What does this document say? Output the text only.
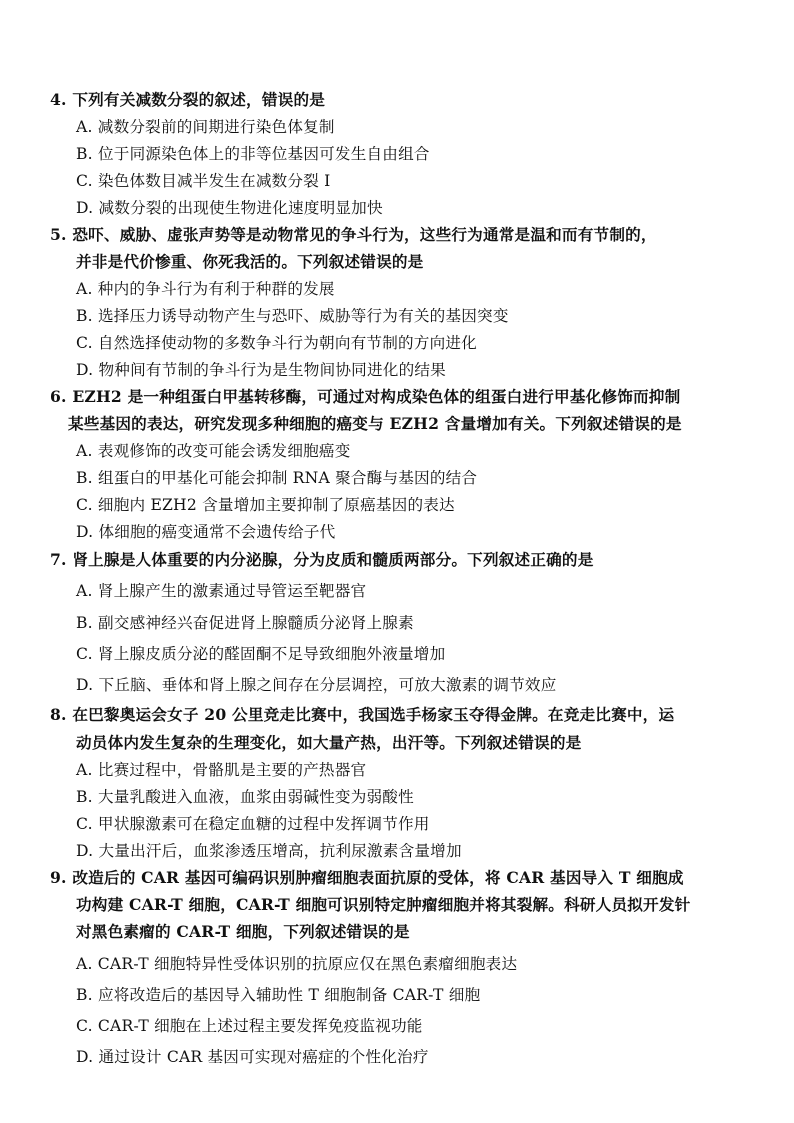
4. 下列有关减数分裂的叙述，错误的是
A. 减数分裂前的间期进行染色体复制
B. 位于同源染色体上的非等位基因可发生自由组合
C. 染色体数目减半发生在减数分裂 Ⅰ
D. 减数分裂的出现使生物进化速度明显加快
5. 恐吓、威胁、虚张声势等是动物常见的争斗行为，这些行为通常是温和而有节制的，
并非是代价惨重、你死我活的。下列叙述错误的是
A. 种内的争斗行为有利于种群的发展
B. 选择压力诱导动物产生与恐吓、威胁等行为有关的基因突变
C. 自然选择使动物的多数争斗行为朝向有节制的方向进化
D. 物种间有节制的争斗行为是生物间协同进化的结果
6. EZH2 是一种组蛋白甲基转移酶，可通过对构成染色体的组蛋白进行甲基化修饰而抑制
某些基因的表达，研究发现多种细胞的癌变与 EZH2 含量增加有关。下列叙述错误的是
A. 表观修饰的改变可能会诱发细胞癌变
B. 组蛋白的甲基化可能会抑制 RNA 聚合酶与基因的结合
C. 细胞内 EZH2 含量增加主要抑制了原癌基因的表达
D. 体细胞的癌变通常不会遗传给子代
7. 肾上腺是人体重要的内分泌腺，分为皮质和髓质两部分。下列叙述正确的是
A. 肾上腺产生的激素通过导管运至靶器官
B. 副交感神经兴奋促进肾上腺髓质分泌肾上腺素
C. 肾上腺皮质分泌的醛固酮不足导致细胞外液量增加
D. 下丘脑、垂体和肾上腺之间存在分层调控，可放大激素的调节效应
8. 在巴黎奥运会女子 20 公里竞走比赛中，我国选手杨家玉夺得金牌。在竞走比赛中，运
动员体内发生复杂的生理变化，如大量产热，出汗等。下列叙述错误的是
A. 比赛过程中，骨骼肌是主要的产热器官
B. 大量乳酸进入血液，血浆由弱碱性变为弱酸性
C. 甲状腺激素可在稳定血糖的过程中发挥调节作用
D. 大量出汗后，血浆渗透压增高，抗利尿激素含量增加
9. 改造后的 CAR 基因可编码识别肿瘤细胞表面抗原的受体，将 CAR 基因导入 T 细胞成
功构建 CAR-T 细胞，CAR-T 细胞可识别特定肿瘤细胞并将其裂解。科研人员拟开发针
对黑色素瘤的 CAR-T 细胞，下列叙述错误的是
A. CAR-T 细胞特异性受体识别的抗原应仅在黑色素瘤细胞表达
B. 应将改造后的基因导入辅助性 T 细胞制备 CAR-T 细胞
C. CAR-T 细胞在上述过程主要发挥免疫监视功能
D. 通过设计 CAR 基因可实现对癌症的个性化治疗
